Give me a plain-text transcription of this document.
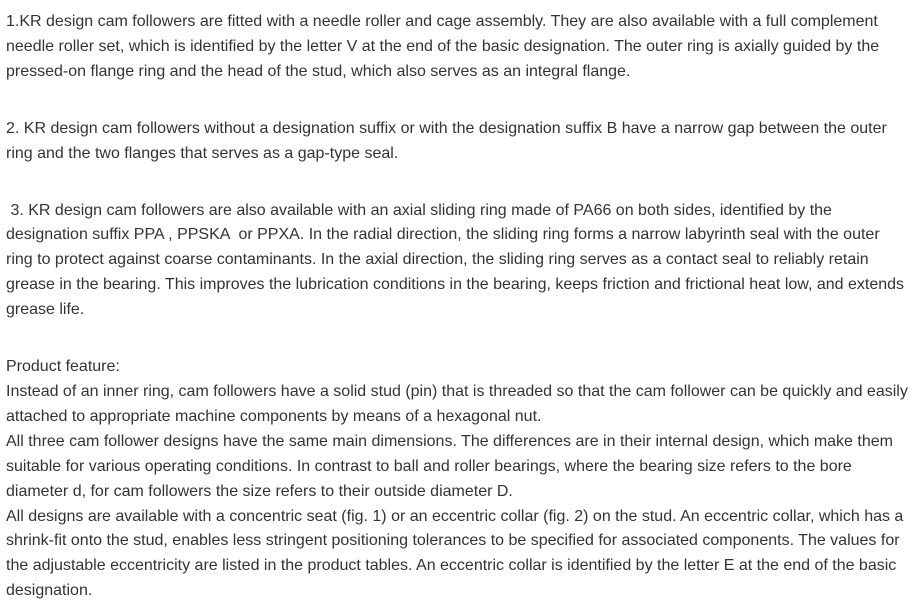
1.KR design cam followers are fitted with a needle roller and cage assembly. They are also available with a full complement needle roller set, which is identified by the letter V at the end of the basic designation. The outer ring is axially guided by the pressed-on flange ring and the head of the stud, which also serves as an integral flange.

2. KR design cam followers without a designation suffix or with the designation suffix B have a narrow gap between the outer ring and the two flanges that serves as a gap-type seal.

3. KR design cam followers are also available with an axial sliding ring made of PA66 on both sides, identified by the designation suffix PPA , PPSKA  or PPXA. In the radial direction, the sliding ring forms a narrow labyrinth seal with the outer ring to protect against coarse contaminants. In the axial direction, the sliding ring serves as a contact seal to reliably retain grease in the bearing. This improves the lubrication conditions in the bearing, keeps friction and frictional heat low, and extends grease life.

Product feature:

Instead of an inner ring, cam followers have a solid stud (pin) that is threaded so that the cam follower can be quickly and easily attached to appropriate machine components by means of a hexagonal nut.

All three cam follower designs have the same main dimensions. The differences are in their internal design, which make them suitable for various operating conditions. In contrast to ball and roller bearings, where the bearing size refers to the bore diameter d, for cam followers the size refers to their outside diameter D.

All designs are available with a concentric seat (fig. 1) or an eccentric collar (fig. 2) on the stud. An eccentric collar, which has a shrink-fit onto the stud, enables less stringent positioning tolerances to be specified for associated components. The values for the adjustable eccentricity are listed in the product tables. An eccentric collar is identified by the letter E at the end of the basic designation.
